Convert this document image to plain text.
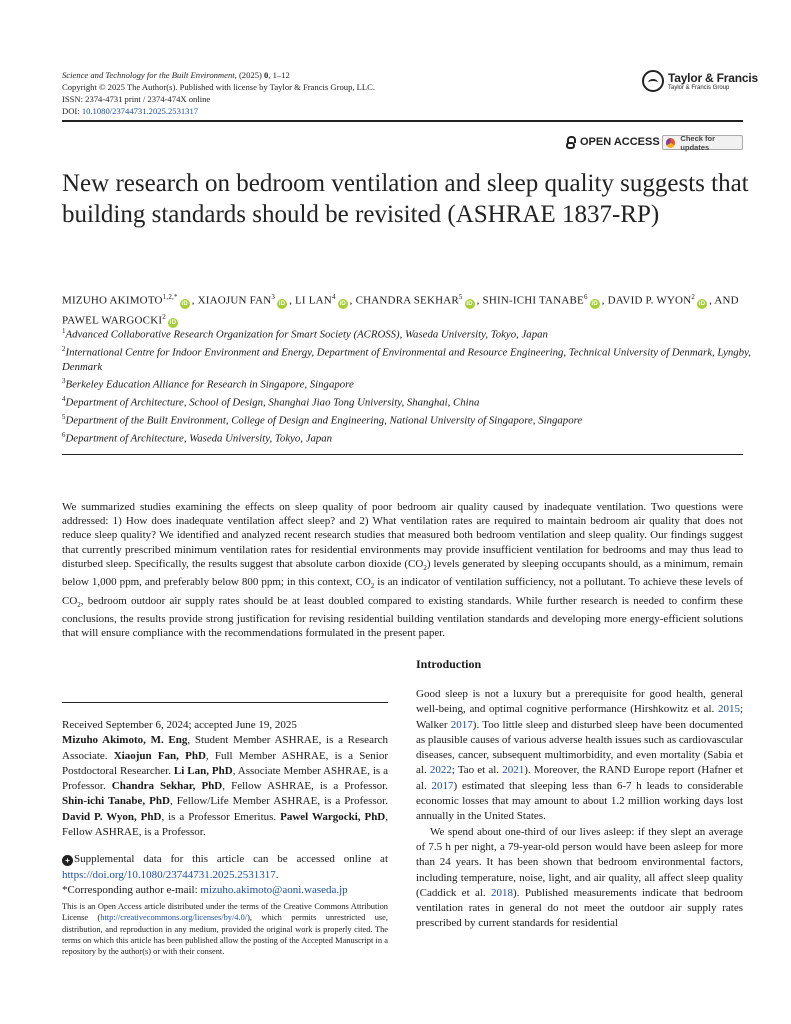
Science and Technology for the Built Environment, (2025) 0, 1–12
Copyright © 2025 The Author(s). Published with license by Taylor & Francis Group, LLC.
ISSN: 2374-4731 print / 2374-474X online
DOI: 10.1080/23744731.2025.2531317
Taylor & Francis
Taylor & Francis Group
OPEN ACCESS	Check for updates
New research on bedroom ventilation and sleep quality suggests that building standards should be revisited (ASHRAE 1837-RP)
MIZUHO $AKIMOTO^{1,2,*}iD$ , XIAOJUN FAN$^3$iD , LI LAN$^4$iD , CHANDRA SEKHAR$^5$iD , SHIN-ICHI TANABE$^6$iD , DAVID P. WYON$^2$iD , AND PAWEL WARGOCKI$^2$iD
$^1$Advanced Collaborative Research Organization for Smart Society (ACROSS), Waseda University, Tokyo, Japan
$^2$International Centre for Indoor Environment and Energy, Department of Environmental and Resource Engineering, Technical University of Denmark, Lyngby, Denmark
$^3$Berkeley Education Alliance for Research in Singapore, Singapore
$^4$Department of Architecture, School of Design, Shanghai Jiao Tong University, Shanghai, China
$^5$Department of the Built Environment, College of Design and Engineering, National University of Singapore, Singapore
$^6$Department of Architecture, Waseda University, Tokyo, Japan
We summarized studies examining the effects on sleep quality of poor bedroom air quality caused by inadequate ventilation. Two questions were addressed: 1) How does inadequate ventilation affect sleep? and 2) What ventilation rates are required to maintain bedroom air quality that does not reduce sleep quality? We identified and analyzed recent research studies that measured both bedroom ventilation and sleep quality. Our findings suggest that currently prescribed minimum ventilation rates for residential environments may provide insufficient ventilation for bedrooms and may thus lead to disturbed sleep. Specifically, the results suggest that absolute carbon dioxide $(CO_2)$ levels generated by sleeping occupants should, as a minimum, remain below 1,000 ppm, and preferably below 800 ppm; in this context, $CO_2$ is an indicator of ventilation sufficiency, not a pollutant. To achieve these levels of $CO_2$, bedroom outdoor air supply rates should be at least doubled compared to existing standards. While further research is needed to confirm these conclusions, the results provide strong justification for revising residential building ventilation standards and developing more energy-efficient solutions that will ensure compliance with the recommendations formulated in the present paper.
Introduction

Received September 6, 2024; accepted June 19, 2025

Mizuho Akimoto, M. Eng, Student Member ASHRAE, is a Research Associate. Xiaojun Fan, PhD, Full Member ASHRAE, is a Senior Postdoctoral Researcher. Li Lan, PhD, Associate Member ASHRAE, is a Professor. Chandra Sekhar, PhD, Fellow ASHRAE, is a Professor. Shin-ichi Tanabe, PhD, Fellow/Life Member ASHRAE, is a Professor. David P. Wyon, PhD, is a Professor Emeritus. Pawel Wargocki, PhD, Fellow ASHRAE, is a Professor.

+ Supplemental data for this article can be accessed online at https://doi.org/10.1080/23744731.2025.2531317.

*Corresponding author e-mail: mizuho.akimoto@aoni.waseda.jp

This is an Open Access article distributed under the terms of the Creative Commons Attribution License (http://creativecommons.org/licenses/by/4.0/), which permits unrestricted use, distribution, and reproduction in any medium, provided the original work is properly cited. The terms on which this article has been published allow the posting of the Accepted Manuscript in a repository by the author(s) or with their consent.

Good sleep is not a luxury but a prerequisite for good health, general well-being, and optimal cognitive performance (Hirshkowitz et al. 2015; Walker 2017). Too little sleep and disturbed sleep have been documented as plausible causes of various adverse health issues such as cardiovascular diseases, cancer, subsequent multimorbidity, and even mortality (Sabia et al. 2022; Tao et al. 2021). Moreover, the RAND Europe report (Hafner et al. 2017) estimated that sleeping less than 6-7 h leads to considerable economic losses that may amount to about 1.2 million working days lost annually in the United States.

We spend about one-third of our lives asleep: if they slept an average of 7.5 h per night, a 79-year-old person would have been asleep for more than 24 years. It has been shown that bedroom environmental factors, including temperature, noise, light, and air quality, all affect sleep quality (Caddick et al. 2018). Published measurements indicate that bedroom ventilation rates in general do not meet the outdoor air supply rates prescribed by current standards for residential
